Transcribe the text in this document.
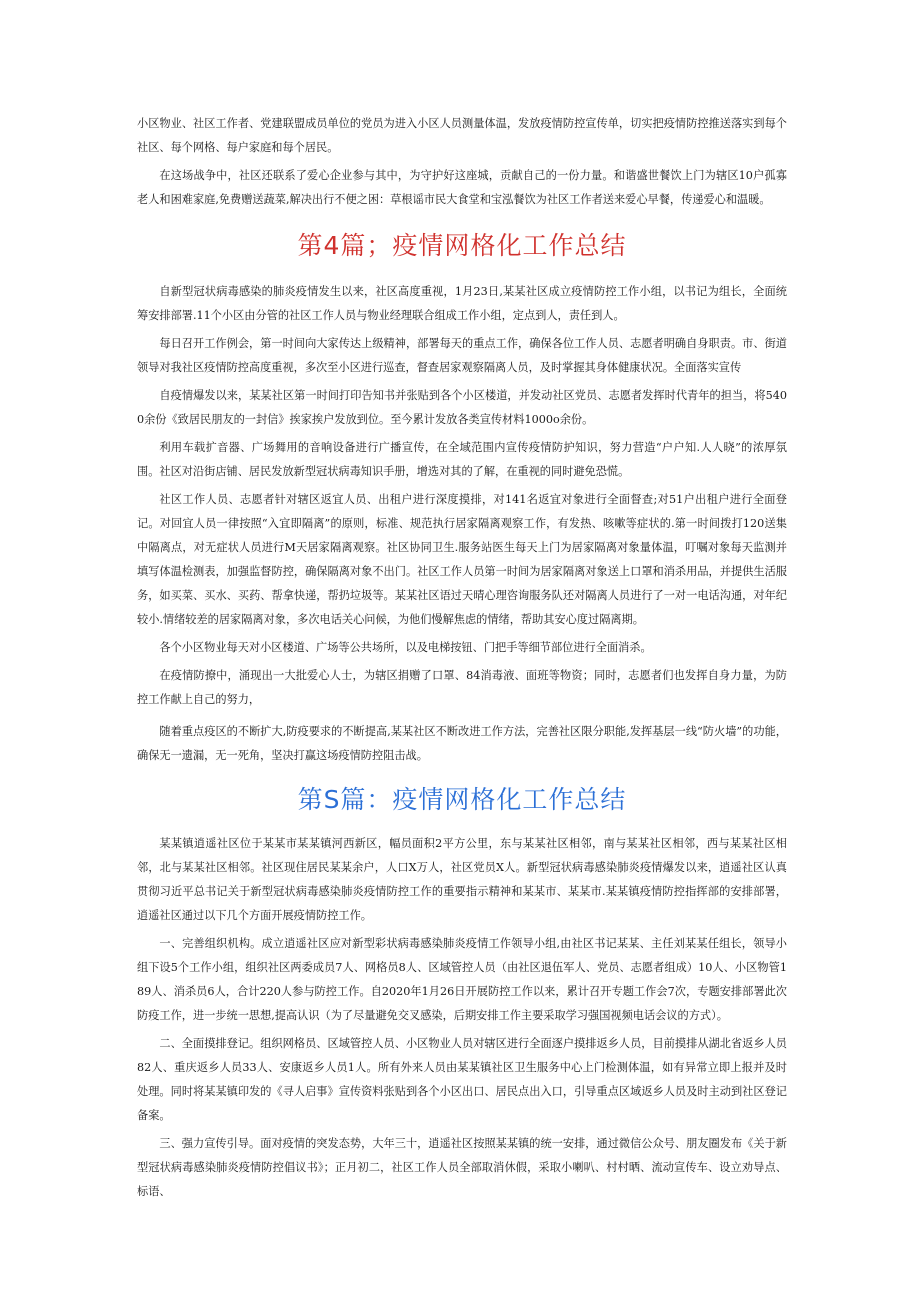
小区物业、社区工作者、党建联盟成员单位的党员为进入小区人员测量体温，发放疫情防控宣传单，切实把疫情防控推送落实到每个社区、每个网格、每户家庭和每个居民。

在这场战争中，社区还联系了爱心企业参与其中，为守护好这座城，贡献自己的一份力量。和谐盛世餐饮上门为辖区10户孤寡老人和困难家庭,免费赠送蔬菜,解决出行不便之困：草根谣市民大食堂和宝泓餐饮为社区工作者送来爱心早餐，传递爱心和温暖。

第4篇；疫情网格化工作总结

自新型冠状病毒感染的肺炎疫情发生以来，社区高度重视，1月23日,某某社区成立疫情防控工作小组，以书记为组长，全面统筹安排部署.11个小区由分管的社区工作人员与物业经理联合组成工作小组，定点到人，责任到人。

每日召开工作例会，第一时间向大家传达上级精神，部署每天的重点工作，确保各位工作人员、志愿者明确自身职责。市、街道领导对我社区疫情防控高度重视，多次至小区进行巡查，督查居家观察隔离人员，及时掌握其身体健康状况。全面落实宣传

自疫情爆发以来，某某社区第一时间打印告知书并张贴到各个小区楼道，并发动社区党员、志愿者发挥时代青年的担当，将5400余份《致居民朋友的一封信》挨家挨户发放到位。至今累计发放各类宣传材料1000o余份。

利用车载扩音器、广场舞用的音响设备进行广播宣传，在全域范围内宣传疫情防护知识，努力营造“户户知.人人晓”的浓厚氛围。社区对沿街店铺、居民发放新型冠状病毒知识手册，增选对其的了解，在重视的同时避免恐慌。

社区工作人员、志愿者针对辖区返宜人员、出租户进行深度摸排，对141名返宜对象进行全面督查;对51户出租户进行全面登记。对回宜人员一律按照“入宜即隔离”的原则，标准、规范执行居家隔离观察工作，有发热、咳嗽等症状的.第一时间拨打120送集中隔离点，对无症状人员进行M天居家隔离观察。社区协同卫生.服务站医生每天上门为居家隔离对象量体温，叮嘱对象每天监测并填写体温检测表，加强监督防控，确保隔离对象不出门。社区工作人员第一时间为居家隔离对象送上口罩和消杀用品，并提供生活服务，如买菜、买水、买药、帮拿快递，帮扔垃圾等。某某社区语过天晴心理咨询服务队还对隔离人员进行了一对一电话沟通，对年纪较小.情绪较差的居家隔离对象，多次电话关心问候，为他们慢解焦虑的情绪，帮助其安心度过隔离期。

各个小区物业每天对小区楼道、广场等公共场所，以及电梯按钮、门把手等细节部位进行全面消杀。

在疫情防撩中，涌现出一大批爱心人士，为辖区捐赠了口罩、84消毒液、面班等物资；同时，志愿者们也发挥自身力量，为防控工作献上自己的努力，

随着重点疫区的不断扩大,防疫要求的不断提高,某某社区不断改进工作方法，完善社区限分职能,发挥基层一线“防火墙”的功能，确保无一遗漏，无一死角，坚决打赢这场疫情防控阻击战。

第S篇：疫情网格化工作总结

某某镇逍遥社区位于某某市某某镇河西新区，幅员面积2平方公里，东与某某社区相邻，南与某某社区相邻，西与某某社区相邻，北与某某社区相邻。社区现住居民某某余户，人口X万人，社区党员X人。新型冠状病毒感染肺炎疫情爆发以来，逍遥社区认真贯彻习近平总书记关于新型冠状病毒感染肺炎疫情防控工作的重要指示精神和某某市、某某市.某某镇疫情防控指挥部的安排部署，逍遥社区通过以下几个方面开展疫情防控工作。

一、完善组织机构。成立逍遥社区应对新型彩状病毒感染肺炎疫情工作领导小组,由社区书记某某、主任刘某某任组长，领导小组下设5个工作小组，组织社区两委成员7人、网格员8人、区域管控人员（由社区退伍军人、党员、志愿者组成）10人、小区物管189人、消杀员6人，合计220人参与防控工作。自2020年1月26日开展防控工作以来，累计召开专题工作会7次，专题安排部署此次防疫工作，进一步统一思想,提高认识（为了尽量避免交叉感染，后期安排工作主要采取学习强国视频电话会议的方式）。

二、全面摸排登记。组织网格员、区域管控人员、小区物业人员对辖区进行全面逐户摸排返乡人员，目前摸排从湖北省返乡人员82人、重庆返乡人员33人、安康返乡人员1人。所有外来人员由某某镇社区卫生服务中心上门检测体温，如有异常立即上报并及时处理。同时将某某镇印发的《寻人启事》宣传资料张贴到各个小区出口、居民点出入口，引导重点区域返乡人员及时主动到社区登记备案。

三、强力宣传引导。面对疫情的突发态势，大年三十，逍遥社区按照某某镇的统一安排，通过微信公众号、朋友圈发布《关于新型冠状病毒感染肺炎疫情防控倡议书》；正月初二，社区工作人员全部取消休假，采取小喇叭、村村晒、流动宣传车、设立劝导点、标语、
